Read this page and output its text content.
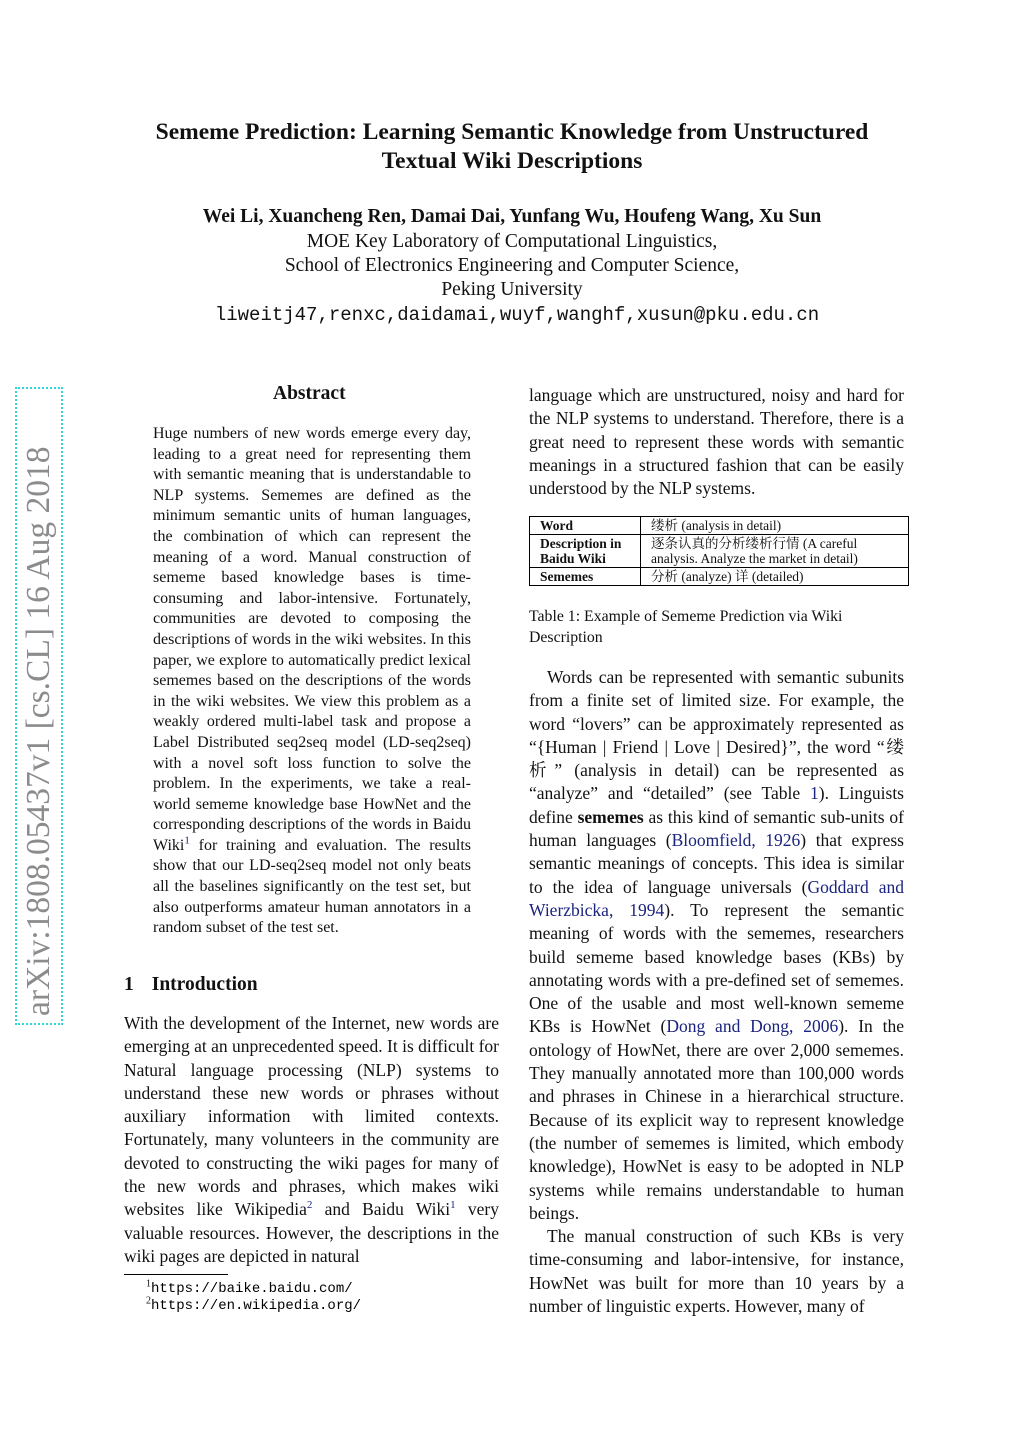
arXiv:1808.05437v1 [cs.CL] 16 Aug 2018
Sememe Prediction: Learning Semantic Knowledge from Unstructured
Textual Wiki Descriptions
Wei Li, Xuancheng Ren, Damai Dai, Yunfang Wu, Houfeng Wang, Xu Sun
MOE Key Laboratory of Computational Linguistics,
School of Electronics Engineering and Computer Science,
Peking University
liweitj47,renxc,daidamai,wuyf,wanghf,xusun@pku.edu.cn
Abstract
Huge numbers of new words emerge every day, leading to a great need for representing them with semantic meaning that is understandable to NLP systems. Sememes are defined as the minimum semantic units of human languages, the combination of which can represent the meaning of a word. Manual construction of sememe based knowledge bases is time-consuming and labor-intensive. Fortunately, communities are devoted to composing the descriptions of words in the wiki websites. In this paper, we explore to automatically predict lexical sememes based on the descriptions of the words in the wiki websites. We view this problem as a weakly ordered multi-label task and propose a Label Distributed seq2seq model (LD-seq2seq) with a novel soft loss function to solve the problem. In the experiments, we take a real-world sememe knowledge base HowNet and the corresponding descriptions of the words in Baidu Wiki$^1$ for training and evaluation. The results show that our LD-seq2seq model not only beats all the baselines significantly on the test set, but also outperforms amateur human annotators in a random subset of the test set.
1 Introduction
With the development of the Internet, new words are emerging at an unprecedented speed. It is difficult for Natural language processing (NLP) systems to understand these new words or phrases without auxiliary information with limited contexts. Fortunately, many volunteers in the community are devoted to constructing the wiki pages for many of the new words and phrases, which makes wiki websites like Wikipedia$^2$ and Baidu Wiki$^1$ very valuable resources. However, the descriptions in the wiki pages are depicted in natural
$^1$https://baike.baidu.com/
$^2$https://en.wikipedia.org/
language which are unstructured, noisy and hard for the NLP systems to understand. Therefore, there is a great need to represent these words with semantic meanings in a structured fashion that can be easily understood by the NLP systems.
Word	缕析 (analysis in detail)
Description in Baidu Wiki	逐条认真的分析缕析行情 (A careful analysis. Analyze the market in detail)
Sememes	分析 (analyze) 详 (detailed)
Table 1: Example of Sememe Prediction via Wiki Description
Words can be represented with semantic subunits from a finite set of limited size. For example, the word “lovers” can be approximately represented as “{Human | Friend | Love | Desired}”, the word “缕析” (analysis in detail) can be represented as “analyze” and “detailed” (see Table 1). Linguists define sememes as this kind of semantic sub-units of human languages (Bloomfield, 1926) that express semantic meanings of concepts. This idea is similar to the idea of language universals (Goddard and Wierzbicka, 1994). To represent the semantic meaning of words with the sememes, researchers build sememe based knowledge bases (KBs) by annotating words with a pre-defined set of sememes. One of the usable and most well-known sememe KBs is HowNet (Dong and Dong, 2006). In the ontology of HowNet, there are over 2,000 sememes. They manually annotated more than 100,000 words and phrases in Chinese in a hierarchical structure. Because of its explicit way to represent knowledge (the number of sememes is limited, which embody knowledge), HowNet is easy to be adopted in NLP systems while remains understandable to human beings.
The manual construction of such KBs is very time-consuming and labor-intensive, for instance, HowNet was built for more than 10 years by a number of linguistic experts. However, many of
